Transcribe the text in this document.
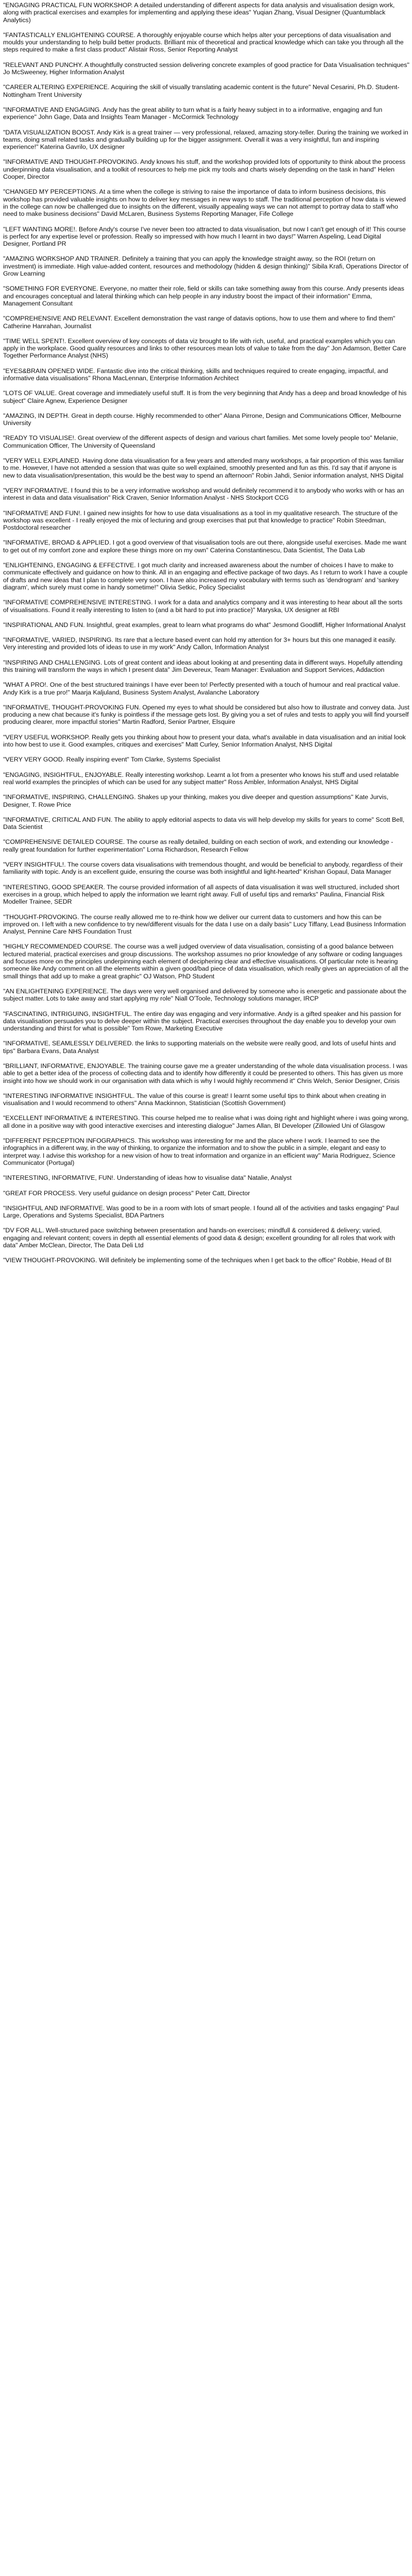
"ENGAGING PRACTICAL FUN WORKSHOP. A detailed understanding of different aspects for data analysis and visualisation design work, along with practical exercises and examples for implementing and applying these ideas" Yuqian Zhang, Visual Designer (Quantumblack Analytics)

"FANTASTICALLY ENLIGHTENING COURSE. A thoroughly enjoyable course which helps alter your perceptions of data visualisation and moulds your understanding to help build better products. Brilliant mix of theoretical and practical knowledge which can take you through all the steps required to make a first class product" Alistair Ross, Senior Reporting Analyst

"RELEVANT AND PUNCHY. A thoughtfully constructed session delivering concrete examples of good practice for Data Visualisation techniques" Jo McSweeney, Higher Information Analyst

"CAREER ALTERING EXPERIENCE. Acquiring the skill of visually translating academic content is the future" Neval Cesarini, Ph.D. Student- Nottingham Trent University

"INFORMATIVE AND ENGAGING. Andy has the great ability to turn what is a fairly heavy subject in to a informative, engaging and fun experience" John Gage, Data and Insights Team Manager - McCormick Technology

"DATA VISUALIZATION BOOST. Andy Kirk is a great trainer — very professional, relaxed, amazing story-teller. During the training we worked in teams, doing small related tasks and gradually building up for the bigger assignment. Overall it was a very insightful, fun and inspiring experience!" Katerina Gavrilo, UX designer

"INFORMATIVE AND THOUGHT-PROVOKING. Andy knows his stuff, and the workshop provided lots of opportunity to think about the process underpinning data visualisation, and a toolkit of resources to help me pick my tools and charts wisely depending on the task in hand" Helen Cooper, Director

"CHANGED MY PERCEPTIONS. At a time when the college is striving to raise the importance of data to inform business decisions, this workshop has provided valuable insights on how to deliver key messages in new ways to staff. The traditional perception of how data is viewed in the college can now be challenged due to insights on the different, visually appealing ways we can not attempt to portray data to staff who need to make business decisions" David McLaren, Business Systems Reporting Manager, Fife College

"LEFT WANTING MORE!. Before Andy's course I've never been too attracted to data visualisation, but now I can't get enough of it! This course is perfect for any expertise level or profession. Really so impressed with how much I learnt in two days!" Warren Aspeling, Lead Digital Designer, Portland PR

"AMAZING WORKSHOP AND TRAINER. Definitely a training that you can apply the knowledge straight away, so the ROI (return on investment) is immediate. High value-added content, resources and methodology (hidden & design thinking)" Sibila Krafi, Operations Director of Grow Learning

"SOMETHING FOR EVERYONE. Everyone, no matter their role, field or skills can take something away from this course. Andy presents ideas and encourages conceptual and lateral thinking which can help people in any industry boost the impact of their information" Emma, Management Consultant

"COMPREHENSIVE AND RELEVANT. Excellent demonstration the vast range of datavis options, how to use them and where to find them" Catherine Hanrahan, Journalist

"TIME WELL SPENT!. Excellent overview of key concepts of data viz brought to life with rich, useful, and practical examples which you can apply in the workplace. Good quality resources and links to other resources mean lots of value to take from the day" Jon Adamson, Better Care Together Performance Analyst (NHS)

"EYES&BRAIN OPENED WIDE. Fantastic dive into the critical thinking, skills and techniques required to create engaging, impactful, and informative data visualisations" Rhona MacLennan, Enterprise Information Architect

"LOTS OF VALUE. Great coverage and immediately useful stuff. It is from the very beginning that Andy has a deep and broad knowledge of his subject" Claire Agnew, Experience Designer

"AMAZING, IN DEPTH. Great in depth course. Highly recommended to other" Alana Pirrone, Design and Communications Officer, Melbourne University

"READY TO VISUALISE!. Great overview of the different aspects of design and various chart families. Met some lovely people too" Melanie, Communication Officer, The University of Queensland

"VERY WELL EXPLAINED. Having done data visualisation for a few years and attended many workshops, a fair proportion of this was familiar to me. However, I have not attended a session that was quite so well explained, smoothly presented and fun as this. I'd say that if anyone is new to data visualisation/presentation, this would be the best way to spend an afternoon" Robin Jahdi, Senior information analyst, NHS Digital

"VERY INFORMATIVE. I found this to be a very informative workshop and would definitely recommend it to anybody who works with or has an interest in data and data visualisation" Rick Craven, Senior Information Analyst - NHS Stockport CCG

"INFORMATIVE AND FUN!. I gained new insights for how to use data visualisations as a tool in my qualitative research. The structure of the workshop was excellent - I really enjoyed the mix of lecturing and group exercises that put that knowledge to practice" Robin Steedman, Postdoctoral researcher

"INFORMATIVE, BROAD & APPLIED. I got a good overview of that visualisation tools are out there, alongside useful exercises. Made me want to get out of my comfort zone and explore these things more on my own" Caterina Constantinescu, Data Scientist, The Data Lab

"ENLIGHTENING, ENGAGING & EFFECTIVE. I got much clarity and increased awareness about the number of choices I have to make to communicate effectively and guidance on how to think. All in an engaging and effective package of two days. As I return to work I have a couple of drafts and new ideas that I plan to complete very soon. I have also increased my vocabulary with terms such as 'dendrogram' and 'sankey diagram', which surely must come in handy sometime!" Olivia Setkic, Policy Specialist

"INFORMATIVE COMPREHENSIVE INTERESTING. I work for a data and analytics company and it was interesting to hear about all the sorts of visualisations. Found it really interesting to listen to (and a bit hard to put into practice)" Maryska, UX designer at RBI

"INSPIRATIONAL AND FUN. Insightful, great examples, great to learn what programs do what" Jesmond Goodliff, Higher Informational Analyst

"INFORMATIVE, VARIED, INSPIRING. Its rare that a lecture based event can hold my attention for 3+ hours but this one managed it easily. Very interesting and provided lots of ideas to use in my work" Andy Callon, Information Analyst

"INSPIRING AND CHALLENGING. Lots of great content and ideas about looking at and presenting data in different ways. Hopefully attending this training will transform the ways in which I present data" Jim Devereux, Team Manager: Evaluation and Support Services, Addaction

"WHAT A PRO!. One of the best structured trainings I have ever been to! Perfectly presented with a touch of humour and real practical value. Andy Kirk is a true pro!" Maarja Kaljuland, Business System Analyst, Avalanche Laboratory

"INFORMATIVE, THOUGHT-PROVOKING FUN. Opened my eyes to what should be considered but also how to illustrate and convey data. Just producing a new chat because it's funky is pointless if the message gets lost. By giving you a set of rules and tests to apply you will find yourself producing clearer, more impactful stories" Martin Radford, Senior Partner, Elsquire

"VERY USEFUL WORKSHOP. Really gets you thinking about how to present your data, what's available in data visualisation and an initial look into how best to use it. Good examples, critiques and exercises" Matt Curley, Senior Information Analyst, NHS Digital

"VERY VERY GOOD. Really inspiring event" Tom Clarke, Systems Specialist

"ENGAGING, INSIGHTFUL, ENJOYABLE. Really interesting workshop. Learnt a lot from a presenter who knows his stuff and used relatable real world examples the principles of which can be used for any subject matter" Ross Ambler, Information Analyst, NHS Digital

"INFORMATIVE, INSPIRING, CHALLENGING. Shakes up your thinking, makes you dive deeper and question assumptions" Kate Jurvis, Designer, T. Rowe Price

"INFORMATIVE, CRITICAL AND FUN. The ability to apply editorial aspects to data vis will help develop my skills for years to come" Scott Bell, Data Scientist

"COMPREHENSIVE DETAILED COURSE. The course as really detailed, building on each section of work, and extending our knowledge - really great foundation for further experimentation" Lorna Richardson, Research Fellow

"VERY INSIGHTFUL!. The course covers data visualisations with tremendous thought, and would be beneficial to anybody, regardless of their familiarity with topic. Andy is an excellent guide, ensuring the course was both insightful and light-hearted" Krishan Gopaul, Data Manager

"INTERESTING, GOOD SPEAKER. The course provided information of all aspects of data visualisation it was well structured, included short exercises in a group, which helped to apply the information we learnt right away. Full of useful tips and remarks" Paulina, Financial Risk Modeller Trainee, SEDR

"THOUGHT-PROVOKING. The course really allowed me to re-think how we deliver our current data to customers and how this can be improved on. I left with a new confidence to try new/different visuals for the data I use on a daily basis" Lucy Tiffany, Lead Business Information Analyst, Pennine Care NHS Foundation Trust

"HIGHLY RECOMMENDED COURSE. The course was a well judged overview of data visualisation, consisting of a good balance between lectured material, practical exercises and group discussions. The workshop assumes no prior knowledge of any software or coding languages and focuses more on the principles underpinning each element of deciphering clear and effective visualisations. Of particular note is hearing someone like Andy comment on all the elements within a given good/bad piece of data visualisation, which really gives an appreciation of all the small things that add up to make a great graphic" OJ Watson, PhD Student

"AN ENLIGHTENING EXPERIENCE. The days were very well organised and delivered by someone who is energetic and passionate about the subject matter. Lots to take away and start applying my role" Niall O'Toole, Technology solutions manager, IRCP

"FASCINATING, INTRIGUING, INSIGHTFUL. The entire day was engaging and very informative. Andy is a gifted speaker and his passion for data visualisation persuades you to delve deeper within the subject. Practical exercises throughout the day enable you to develop your own understanding and thirst for what is possible" Tom Rowe, Marketing Executive

"INFORMATIVE, SEAMLESSLY DELIVERED. the links to supporting materials on the website were really good, and lots of useful hints and tips" Barbara Evans, Data Analyst

"BRILLIANT, INFORMATIVE, ENJOYABLE. The training course gave me a greater understanding of the whole data visualisation process. I was able to get a better idea of the process of collecting data and to identify how differently it could be presented to others. This has given us more insight into how we should work in our organisation with data which is why I would highly recommend it" Chris Welch, Senior Designer, Crisis

"INTERESTING INFORMATIVE INSIGHTFUL. The value of this course is great! I learnt some useful tips to think about when creating in visualisation and I would recommend to others" Anna Mackinnon, Statistician (Scottish Government)

"EXCELLENT INFORMATIVE & INTERESTING. This course helped me to realise what i was doing right and highlight where i was going wrong, all done in a positive way with good interactive exercises and interesting dialogue" James Allan, BI Developer (Zillowied Uni of Glasgow

"DIFFERENT PERCEPTION INFOGRAPHICS. This workshop was interesting for me and the place where I work. I learned to see the infographics in a different way, in the way of thinking, to organize the information and to show the public in a simple, elegant and easy to interpret way. I advise this workshop for a new vision of how to treat information and organize in an efficient way" Maria Rodriguez, Science Communicator (Portugal)

"INTERESTING, INFORMATIVE, FUN!. Understanding of ideas how to visualise data" Natalie, Analyst

"GREAT FOR PROCESS. Very useful guidance on design process" Peter Catt, Director

"INSIGHTFUL AND INFORMATIVE. Was good to be in a room with lots of smart people. I found all of the activities and tasks engaging" Paul Large, Operations and Systems Specialist, BDA Partners

"DV FOR ALL. Well-structured pace switching between presentation and hands-on exercises; mindfull & considered & delivery; varied, engaging and relevant content; covers in depth all essential elements of good data & design; excellent grounding for all roles that work with data" Amber McClean, Director, The Data Deli Ltd

"VIEW THOUGHT-PROVOKING. Will definitely be implementing some of the techniques when I get back to the office" Robbie, Head of BI
